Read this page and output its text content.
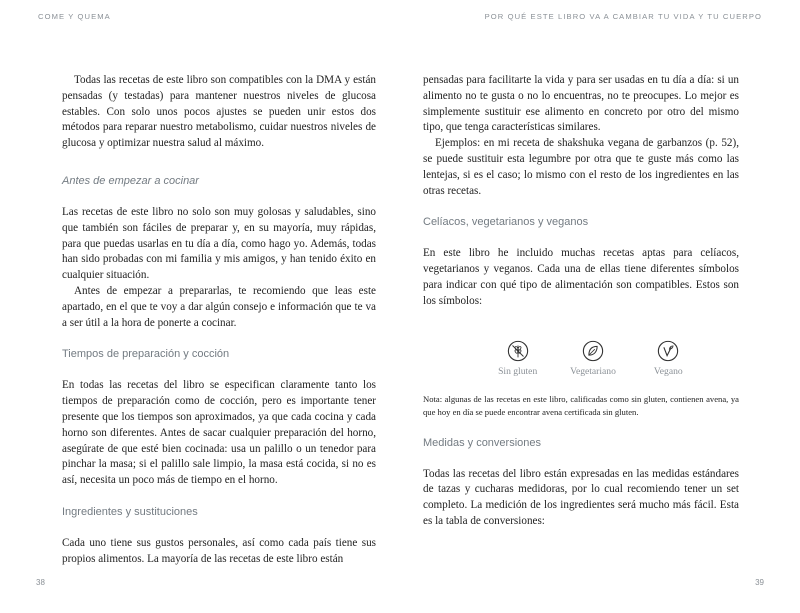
COME Y QUEMA

Todas las recetas de este libro son compatibles con la DMA y están pensadas (y testadas) para mantener nuestros niveles de glucosa estables. Con solo unos pocos ajustes se pueden unir estos dos métodos para reparar nuestro metabolismo, cuidar nuestros niveles de glucosa y optimizar nuestra salud al máximo.

Antes de empezar a cocinar

Las recetas de este libro no solo son muy golosas y saludables, sino que también son fáciles de preparar y, en su mayoría, muy rápidas, para que puedas usarlas en tu día a día, como hago yo. Además, todas han sido probadas con mi familia y mis amigos, y han tenido éxito en cualquier situación.

Antes de empezar a prepararlas, te recomiendo que leas este apartado, en el que te voy a dar algún consejo e información que te va a ser útil a la hora de ponerte a cocinar.

Tiempos de preparación y cocción

En todas las recetas del libro se especifican claramente tanto los tiempos de preparación como de cocción, pero es importante tener presente que los tiempos son aproximados, ya que cada cocina y cada horno son diferentes. Antes de sacar cualquier preparación del horno, asegúrate de que esté bien cocinada: usa un palillo o un tenedor para pinchar la masa; si el palillo sale limpio, la masa está cocida, si no es así, necesita un poco más de tiempo en el horno.

Ingredientes y sustituciones

Cada uno tiene sus gustos personales, así como cada país tiene sus propios alimentos. La mayoría de las recetas de este libro están

38
POR QUÉ ESTE LIBRO VA A CAMBIAR TU VIDA Y TU CUERPO

pensadas para facilitarte la vida y para ser usadas en tu día a día: si un alimento no te gusta o no lo encuentras, no te preocupes. Lo mejor es simplemente sustituir ese alimento en concreto por otro del mismo tipo, que tenga características similares.

Ejemplos: en mi receta de shakshuka vegana de garbanzos (p. 52), se puede sustituir esta legumbre por otra que te guste más como las lentejas, si es el caso; lo mismo con el resto de los ingredientes en las otras recetas.

Celíacos, vegetarianos y veganos

En este libro he incluido muchas recetas aptas para celíacos, vegetarianos y veganos. Cada una de ellas tiene diferentes símbolos para indicar con qué tipo de alimentación son compatibles. Estos son los símbolos:

Sin gluten	Vegetariano	Vegano

Nota: algunas de las recetas en este libro, calificadas como sin gluten, contienen avena, ya que hoy en día se puede encontrar avena certificada sin gluten.

Medidas y conversiones

Todas las recetas del libro están expresadas en las medidas estándares de tazas y cucharas medidoras, por lo cual recomiendo tener un set completo. La medición de los ingredientes será mucho más fácil. Esta es la tabla de conversiones:

39
